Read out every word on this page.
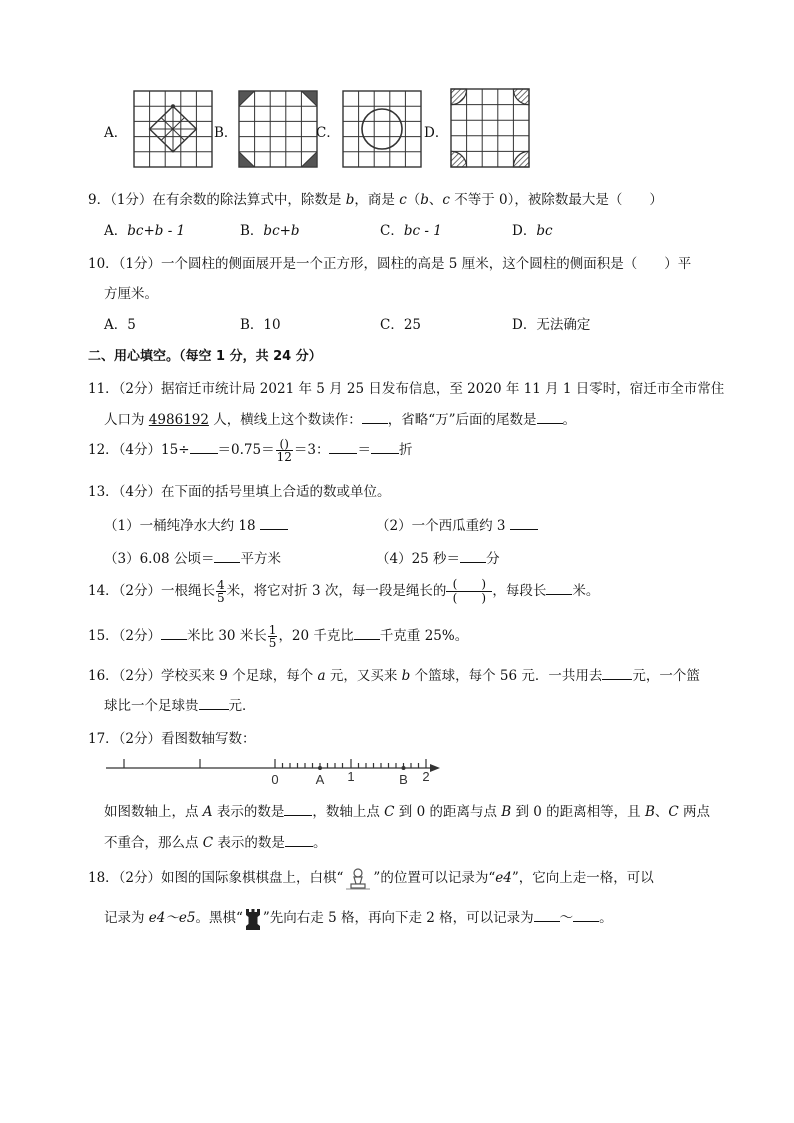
A．	B．	C．	D．
9．（1分）在有余数的除法算式中，除数是 b，商是 c（b、c 不等于 0），被除数最大是（　　）
A．bc+b - 1	B．bc+b	C．bc - 1	D．bc
10．（1分）一个圆柱的侧面展开是一个正方形，圆柱的高是 5 厘米，这个圆柱的侧面积是（　　）平
方厘米。
A．5	B．10	C．25	D．无法确定
二、用心填空。（每空 1 分，共 24 分）
11．（2分）据宿迁市统计局 2021 年 5 月 25 日发布信息，至 2020 年 11 月 1 日零时，宿迁市全市常住
人口为 4986192 人，横线上这个数读作： ，省略“万”后面的尾数是 。
12．（4分）$15\div =0.75= \frac{()}{12} =3$： ＝ 折
13．（4分）在下面的括号里填上合适的数或单位。
（1）一桶纯净水大约 18	（2）一个西瓜重约 3
（3）6.08 公顷＝ 平方米	（4）25 秒＝ 分
14．（2分）一根绳长 $\frac{4}{5}$ 米，将它对折 3 次，每一段是绳长的 (　　)
(　　) ，每段长 米。
15．（2分） 米比 30 米长 $\frac{1}{5}$ ，20 千克比 千克重 25%。
16．（2分）学校买来 9 个足球，每个 a 元，又买来 b 个篮球，每个 56 元．一共用去 元，一个篮
球比一个足球贵 元．
17．（2分）看图数轴写数：
0	A 1	B 2
如图数轴上，点 A 表示的数是 ，数轴上点 C 到 0 的距离与点 B 到 0 的距离相等，且 B、C 两点
不重合，那么点 C 表示的数是 。
18．（2分）如图的国际象棋棋盘上，白棋“ ”的位置可以记录为“e4”，它向上走一格，可以
记录为 e4～e5。黑棋“ ”先向右走 5 格，再向下走 2 格，可以记录为 ～ 。
